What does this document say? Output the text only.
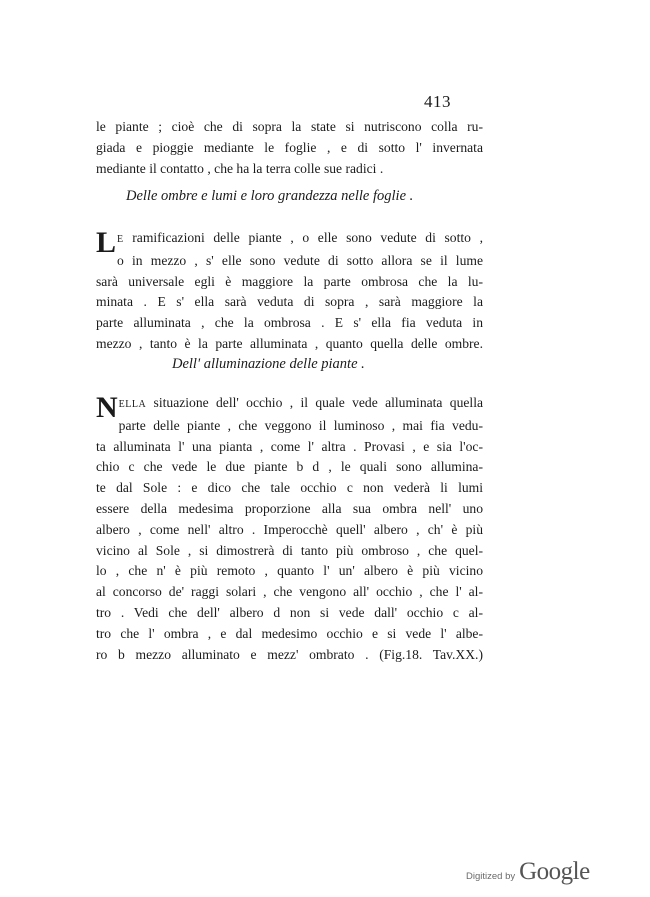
413
le piante ; cioè che di sopra la state si nutriscono colla ru-
giada e pioggie mediante le foglie , e di sotto l' invernata
mediante il contatto , che ha la terra colle sue radici .
Delle ombre e lumi e loro grandezza nelle foglie .
L E ramificazioni delle piante , o elle sono vedute di sotto ,
o in mezzo , s' elle sono vedute di sotto allora se il lume
sarà universale egli è maggiore la parte ombrosa che la lu-
minata . E s' ella sarà veduta di sopra , sarà maggiore la
parte alluminata , che la ombrosa . E s' ella fia veduta in
mezzo , tanto è la parte alluminata , quanto quella delle ombre.
Dell' alluminazione delle piante .
NELLA situazione dell' occhio , il quale vede alluminata quella
parte delle piante , che veggono il luminoso , mai fia vedu-
ta alluminata l' una pianta , come l' altra . Provasi , e sia l'oc-
chio c che vede le due piante b d , le quali sono allumina-
te dal Sole : e dico che tale occhio c non vederà li lumi
essere della medesima proporzione alla sua ombra nell' uno
albero , come nell' altro . Imperocchè quell' albero , ch' è più
vicino al Sole , si dimostrerà di tanto più ombroso , che quel-
lo , che n' è più remoto , quanto l' un' albero è più vicino
al concorso de' raggi solari , che vengono all' occhio , che l' al-
tro . Vedi che dell' albero d non si vede dall' occhio c al-
tro che l' ombra , e dal medesimo occhio e si vede l' albe-
ro b mezzo alluminato e mezz' ombrato . (Fig.18. Tav.XX.)
Digitized by Google
